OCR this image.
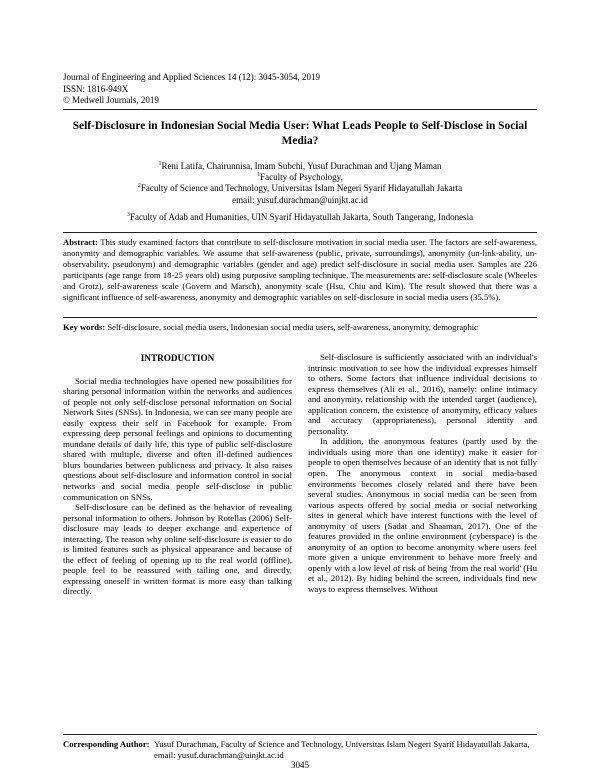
Journal of Engineering and Applied Sciences 14 (12): 3045-3054, 2019
ISSN: 1816-949X
© Medwell Journals, 2019
Self-Disclosure in Indonesian Social Media User: What Leads People to Self-Disclose in Social Media?
$^1$Reni Latifa, Chairunnisa, Imam Subchi, Yusuf Durachman and Ujang Maman
$^1$Faculty of Psychology,
$^2$Faculty of Science and Technology, Universitas Islam Negeri Syarif Hidayatullah Jakarta
email: yusuf.durachman@uinjkt.ac.id
$^3$Faculty of Adab and Humanities, UIN Syarif Hidayatullah Jakarta, South Tangerang, Indonesia
Abstract: This study examined factors that contribute to self-disclosure motivation in social media user. The factors are self-awareness, anonymity and demographic variables. We assume that self-awareness (public, private, surroundings), anonymity (un-link-ability, un-observability, pseudonym) and demographic variables (gender and age) predict self-disclosure in social media user. Samples are 226 participants (age range from 18-25 years old) using purposive sampling technique. The measurements are: self-disclosure scale (Wheeles and Grotz), self-awareness scale (Govern and Marsch), anonymity scale (Hsu, Chiu and Kim). The result showed that there was a significant influence of self-awareness, anonymity and demographic variables on self-disclosure in social media users (35.5%).
Key words: Self-disclosure, social media users, Indonesian social media users, self-awareness, anonymity, demographic
INTRODUCTION

Social media technologies have opened new possibilities for sharing personal information within the networks and audiences of people not only self-disclose personal information on Social Network Sites (SNSs). In Indonesia, we can see many people are easily express their self in Facebook for example. From expressing deep personal feelings and opinions to documenting mundane details of daily life, this type of public self-disclosure shared with multiple, diverse and often ill-defined audiences blurs boundaries between publicness and privacy. It also raises questions about self-disclosure and information control in social networks and social media people self-disclose in public communication on SNSs.

Self-disclosure can be defined as the behavior of revealing personal information to others. Johnson by Rotellas (2006) Self-disclosure may leads to deeper exchange and experience of interacting. The reason why online self-disclosure is easier to do is limited features such as physical appearance and because of the effect of feeling of opening up to the real world (offline), people feel to be reassured with tailing one, and directly, expressing oneself in written format is more easy than talking directly.

Self-disclosure is sufficiently associated with an individual's intrinsic motivation to see how the individual expresses himself to others. Some factors that influence individual decisions to express themselves (Ali et al., 2016), namely: online intimacy and anonymity, relationship with the intended target (audience), application concern, the existence of anonymity, efficacy values and accuracy (appropriateness), personal identity and personality.

In addition, the anonymous features (partly used by the individuals using more than one identity) make it easier for people to open themselves because of an identity that is not fully open. The anonymous context in social media-based environments becomes closely related and there have been several studies. Anonymous in social media can be seen from various aspects offered by social media or social networking sites in general which have interest functions with the level of anonymity of users (Sadat and Shaaman, 2017). One of the features provided in the online environment (cyberspace) is the anonymity of an option to become anonymity where users feel more given a unique environment to behave more freely and openly with a low level of risk of being 'from the real world' (Hu et al., 2012). By hiding behind the screen, individuals find new ways to express themselves. Without

Corresponding Author: Yusuf Durachman, Faculty of Science and Technology, Universitas Islam Negeri Syarif Hidayatullah Jakarta, email: yusuf.durachman@uinjkt.ac.id
3045
